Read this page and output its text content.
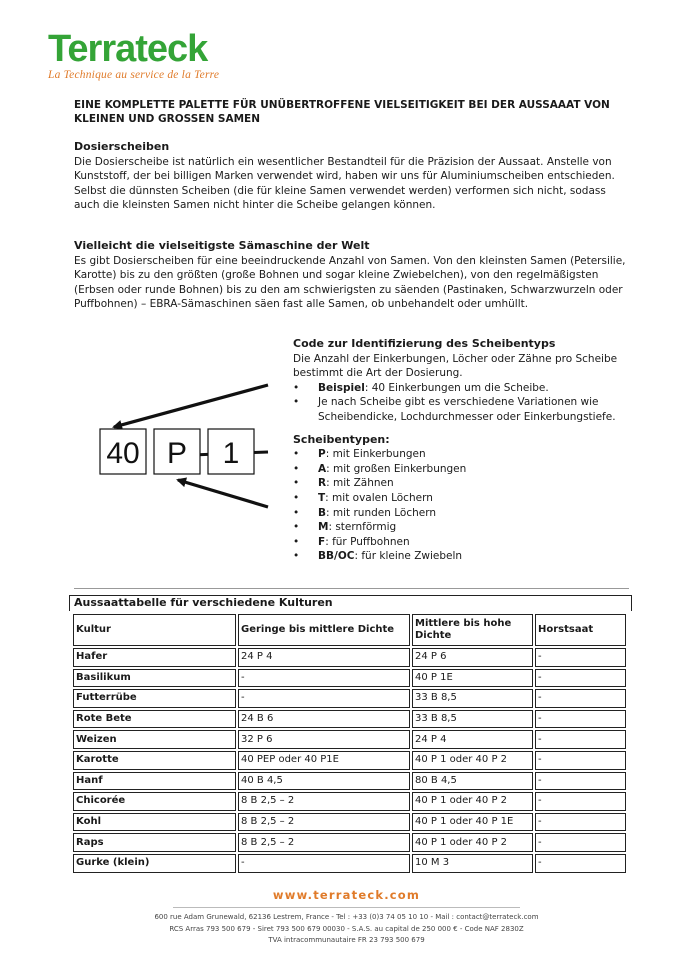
Terrateck
La Technique au service de la Terre
EINE KOMPLETTE PALETTE FÜR UNÜBERTROFFENE VIELSEITIGKEIT BEI DER AUSSAAAT VON KLEINEN UND GROSSEN SAMEN
Dosierscheiben
Die Dosierscheibe ist natürlich ein wesentlicher Bestandteil für die Präzision der Aussaat. Anstelle von Kunststoff, der bei billigen Marken verwendet wird, haben wir uns für Aluminiumscheiben entschieden. Selbst die dünnsten Scheiben (die für kleine Samen verwendet werden) verformen sich nicht, sodass auch die kleinsten Samen nicht hinter die Scheibe gelangen können.
Vielleicht die vielseitigste Sämaschine der Welt
Es gibt Dosierscheiben für eine beeindruckende Anzahl von Samen. Von den kleinsten Samen (Petersilie, Karotte) bis zu den größten (große Bohnen und sogar kleine Zwiebelchen), von den regelmäßigsten (Erbsen oder runde Bohnen) bis zu den am schwierigsten zu säenden (Pastinaken, Schwarzwurzeln oder Puffbohnen) – EBRA-Sämaschinen säen fast alle Samen, ob unbehandelt oder umhüllt.
40 P 1
Code zur Identifizierung des Scheibentyps
Die Anzahl der Einkerbungen, Löcher oder Zähne pro Scheibe bestimmt die Art der Dosierung.
•	Beispiel: 40 Einkerbungen um die Scheibe.
•	Je nach Scheibe gibt es verschiedene Variationen wie Scheibendicke, Lochdurchmesser oder Einkerbungstiefe.
Scheibentypen:
•	P: mit Einkerbungen
•	A: mit großen Einkerbungen
•	R: mit Zähnen
•	T: mit ovalen Löchern
•	B: mit runden Löchern
•	M: sternförmig
•	F: für Puffbohnen
•	BB/OC: für kleine Zwiebeln
Aussaattabelle für verschiedene Kulturen
Kultur	Geringe bis mittlere Dichte	Mittlere bis hohe Dichte	Horstsaat
Hafer	24 P 4	24 P 6	-
Basilikum	-	40 P 1E	-
Futterrübe	-	33 B 8,5	-
Rote Bete	24 B 6	33 B 8,5	-
Weizen	32 P 6	24 P 4	-
Karotte	40 PEP oder 40 P1E	40 P 1 oder 40 P 2	-
Hanf	40 B 4,5	80 B 4,5	-
Chicorée	8 B 2,5 – 2	40 P 1 oder 40 P 2	-
Kohl	8 B 2,5 – 2	40 P 1 oder 40 P 1E	-
Raps	8 B 2,5 – 2	40 P 1 oder 40 P 2	-
Gurke (klein)	-	10 M 3	-
www.terrateck.com
600 rue Adam Grunewald, 62136 Lestrem, France - Tel : +33 (0)3 74 05 10 10 - Mail : contact@terrateck.com
RCS Arras 793 500 679 - Siret 793 500 679 00030 - S.A.S. au capital de 250 000 € - Code NAF 2830Z
TVA intracommunautaire FR 23 793 500 679
